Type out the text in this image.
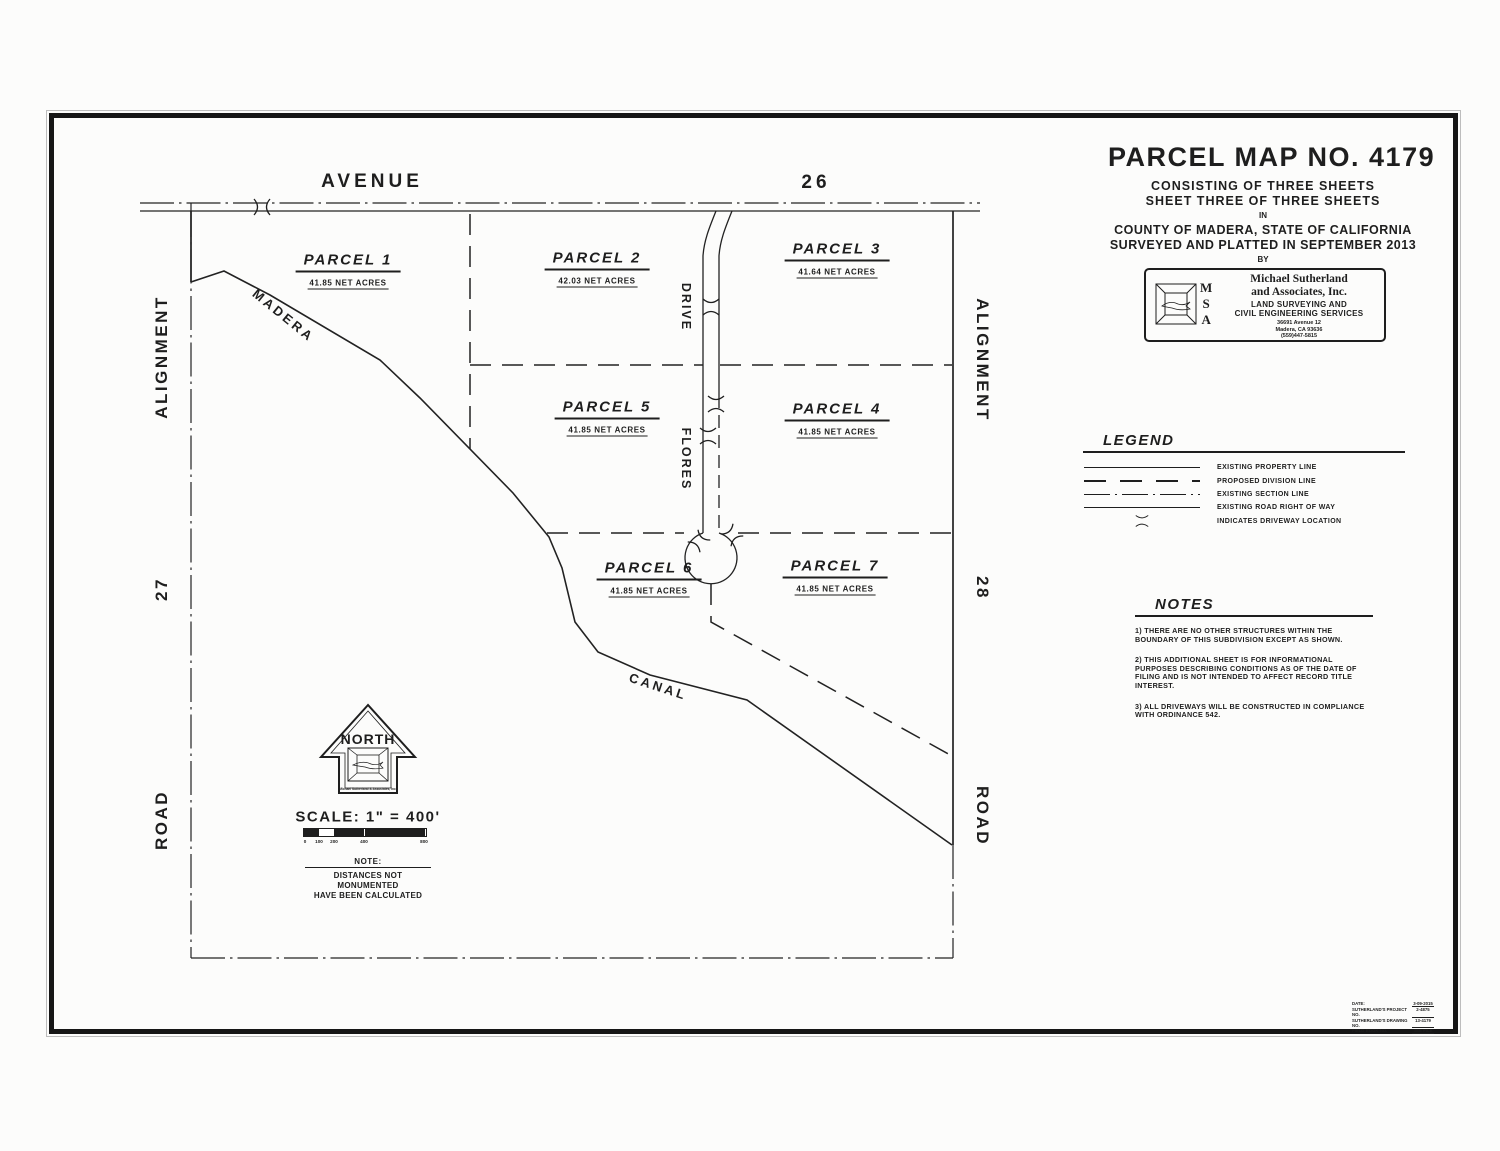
AVENUE	26
ALIGNMENT
27
ROAD
ALIGNMENT
28
ROAD
MADERA
CANAL
DRIVE
FLORES
PARCEL 1
41.85 NET ACRES
PARCEL 2
42.03 NET ACRES
PARCEL 3
41.64 NET ACRES
PARCEL 4
41.85 NET ACRES
PARCEL 5
41.85 NET ACRES
PARCEL 6
41.85 NET ACRES
PARCEL 7
41.85 NET ACRES
PARCEL MAP NO. 4179
CONSISTING OF THREE SHEETS
SHEET THREE OF THREE SHEETS
IN
COUNTY OF MADERA, STATE OF CALIFORNIA
SURVEYED AND PLATTED IN SEPTEMBER 2013
BY
M
S
A
Michael Sutherland
and Associates, Inc.
LAND SURVEYING AND
CIVIL ENGINEERING SERVICES
36691 Avenue 12
Madera, CA 93636
(559)447-5815
LEGEND
EXISTING PROPERTY LINE
PROPOSED DIVISION LINE
EXISTING SECTION LINE
EXISTING ROAD RIGHT OF WAY
INDICATES DRIVEWAY LOCATION
NOTES
1) THERE ARE NO OTHER STRUCTURES WITHIN THE BOUNDARY OF THIS SUBDIVISION EXCEPT AS SHOWN.
2) THIS ADDITIONAL SHEET IS FOR INFORMATIONAL PURPOSES DESCRIBING CONDITIONS AS OF THE DATE OF FILING AND IS NOT INTENDED TO AFFECT RECORD TITLE INTEREST.
3) ALL DRIVEWAYS WILL BE CONSTRUCTED IN COMPLIANCE WITH ORDINANCE 542.
NORTH
Michael Sutherland & Associates, Inc.
SCALE: 1" = 400'
0 100 200	400	800
NOTE:
DISTANCES NOT MONUMENTED
HAVE BEEN CALCULATED
DATE:	3-09-2015
SUTHERLAND'S PROJECT NO.
2-4875
SUTHERLAND'S DRAWING NO.
13-4179
FIELD BOOK NO.	SEE FILE
